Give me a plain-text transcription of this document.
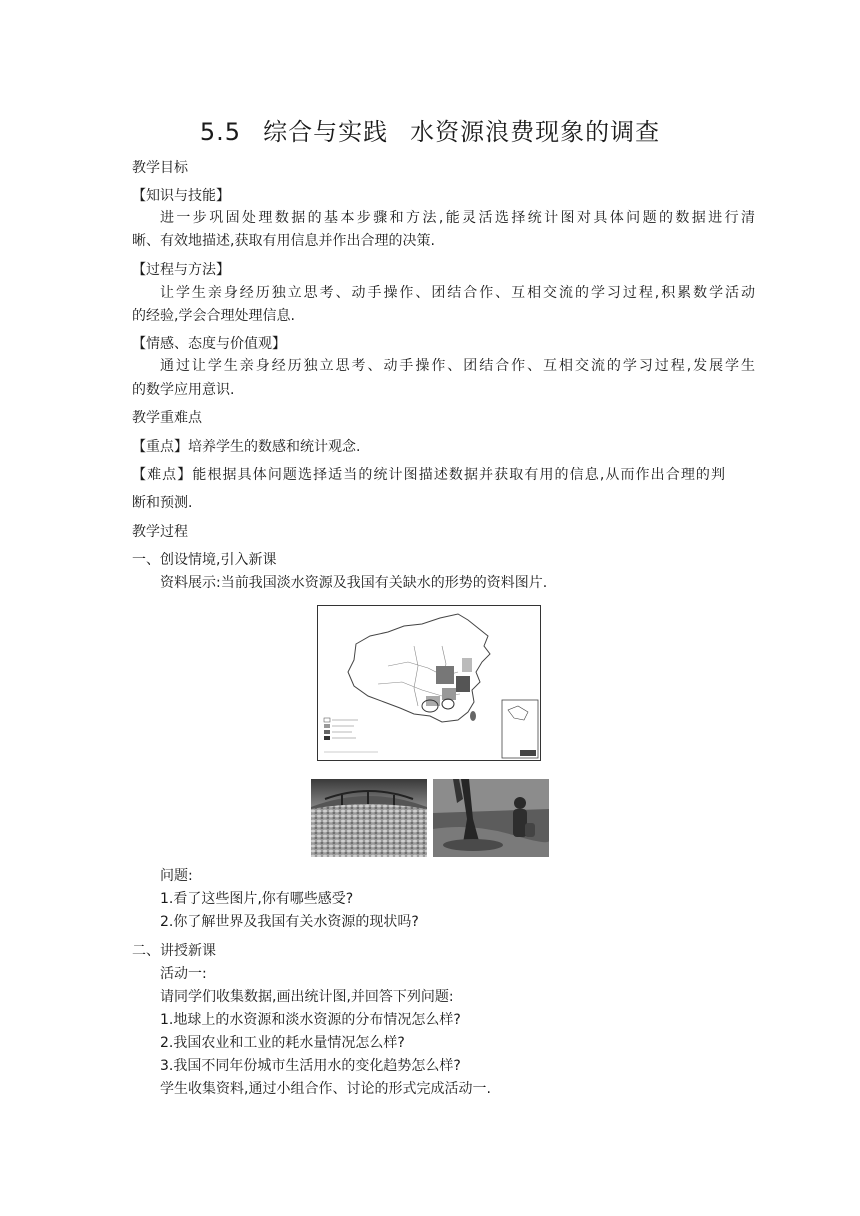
5.5 综合与实践 水资源浪费现象的调查
教学目标
【知识与技能】
进一步巩固处理数据的基本步骤和方法,能灵活选择统计图对具体问题的数据进行清
晰、有效地描述,获取有用信息并作出合理的决策.
【过程与方法】
让学生亲身经历独立思考、动手操作、团结合作、互相交流的学习过程,积累数学活动
的经验,学会合理处理信息.
【情感、态度与价值观】
通过让学生亲身经历独立思考、动手操作、团结合作、互相交流的学习过程,发展学生
的数学应用意识.
教学重难点
【重点】培养学生的数感和统计观念.
【难点】能根据具体问题选择适当的统计图描述数据并获取有用的信息,从而作出合理的判
断和预测.
教学过程
一、创设情境,引入新课
资料展示:当前我国淡水资源及我国有关缺水的形势的资料图片.
问题:
1.看了这些图片,你有哪些感受?
2.你了解世界及我国有关水资源的现状吗?
二、讲授新课
活动一:
请同学们收集数据,画出统计图,并回答下列问题:
1.地球上的水资源和淡水资源的分布情况怎么样?
2.我国农业和工业的耗水量情况怎么样?
3.我国不同年份城市生活用水的变化趋势怎么样?
学生收集资料,通过小组合作、讨论的形式完成活动一.
